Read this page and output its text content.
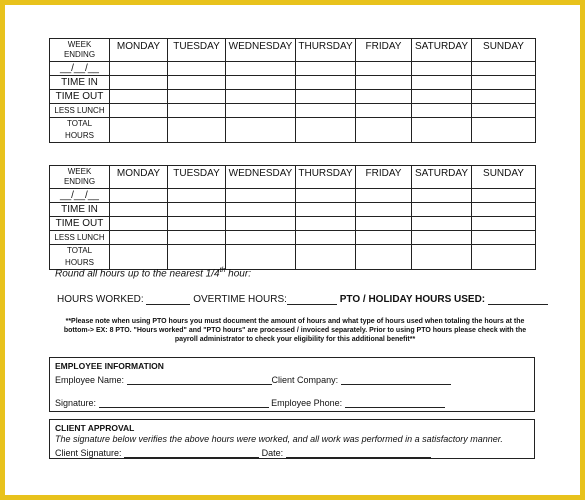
WEEK
ENDING	MONDAY	TUESDAY	WEDNESDAY	THURSDAY	FRIDAY	SATURDAY	SUNDAY
__/__/__							
TIME IN							
TIME OUT							
LESS LUNCH							
TOTAL
HOURS							
WEEK
ENDING	MONDAY	TUESDAY	WEDNESDAY	THURSDAY	FRIDAY	SATURDAY	SUNDAY
__/__/__							
TIME IN							
TIME OUT							
LESS LUNCH							
TOTAL
HOURS							
Round all hours up to the nearest 1/4th hour:
HOURS WORKED:	OVERTIME HOURS:	PTO / HOLIDAY HOURS USED:
**Please note when using PTO hours you must document the amount of hours and what type of hours used when totaling the hours at the bottom-> EX: 8 PTO. "Hours worked" and "PTO hours" are processed / invoiced separately. Prior to using PTO hours please check with the payroll administrator to check your eligibility for this additional benefit**
EMPLOYEE INFORMATION
Employee Name:	Client Company:
Signature:	Employee Phone:
CLIENT APPROVAL
The signature below verifies the above hours were worked, and all work was performed in a satisfactory manner.
Client Signature:	Date:
